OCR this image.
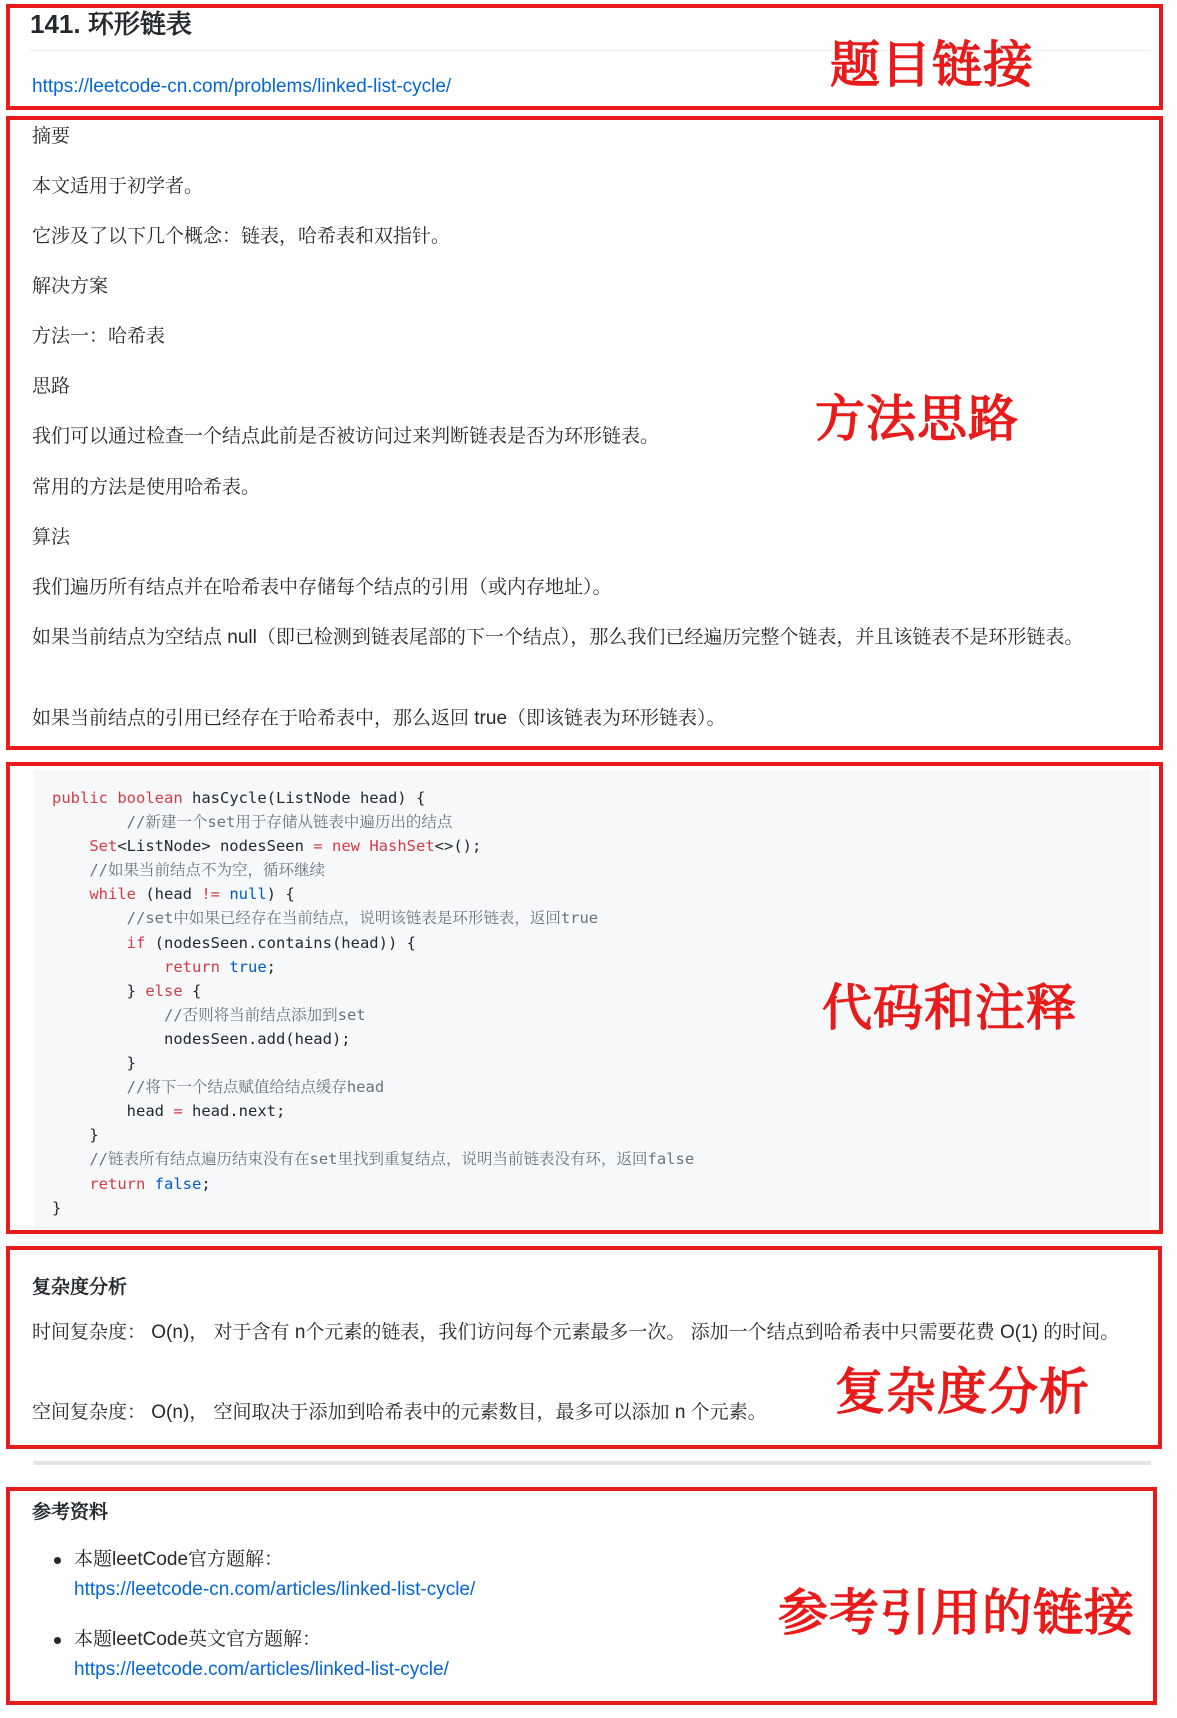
141. 环形链表
https://leetcode-cn.com/problems/linked-list-cycle/	题目链接
摘要
本文适用于初学者。
它涉及了以下几个概念：链表，哈希表和双指针。
解决方案
方法一：哈希表
思路
我们可以通过检查一个结点此前是否被访问过来判断链表是否为环形链表。
常用的方法是使用哈希表。
算法
我们遍历所有结点并在哈希表中存储每个结点的引用（或内存地址）。
如果当前结点为空结点 null（即已检测到链表尾部的下一个结点），那么我们已经遍历完整个链表，并且该链表不是环形链表。
如果当前结点的引用已经存在于哈希表中，那么返回 true（即该链表为环形链表）。
方法思路
public boolean hasCycle(ListNode head) {
//新建一个set用于存储从链表中遍历出的结点
Set<ListNode> nodesSeen = new HashSet<>();
//如果当前结点不为空，循环继续
while (head != null) {
//set中如果已经存在当前结点，说明该链表是环形链表，返回true
if (nodesSeen.contains(head)) {
return true;
} else {
//否则将当前结点添加到set
nodesSeen.add(head);
}
//将下一个结点赋值给结点缓存head
head = head.next;
}
//链表所有结点遍历结束没有在set里找到重复结点，说明当前链表没有环，返回false
return false;
}
代码和注释
复杂度分析
时间复杂度： O(n)， 对于含有 n个元素的链表，我们访问每个元素最多一次。 添加一个结点到哈希表中只需要花费 O(1) 的时间。
空间复杂度： O(n)， 空间取决于添加到哈希表中的元素数目，最多可以添加 n 个元素。 复杂度分析
参考资料
本题leetCode官方题解：
https://leetcode-cn.com/articles/linked-list-cycle/
本题leetCode英文官方题解：
https://leetcode.com/articles/linked-list-cycle/
参考引用的链接
